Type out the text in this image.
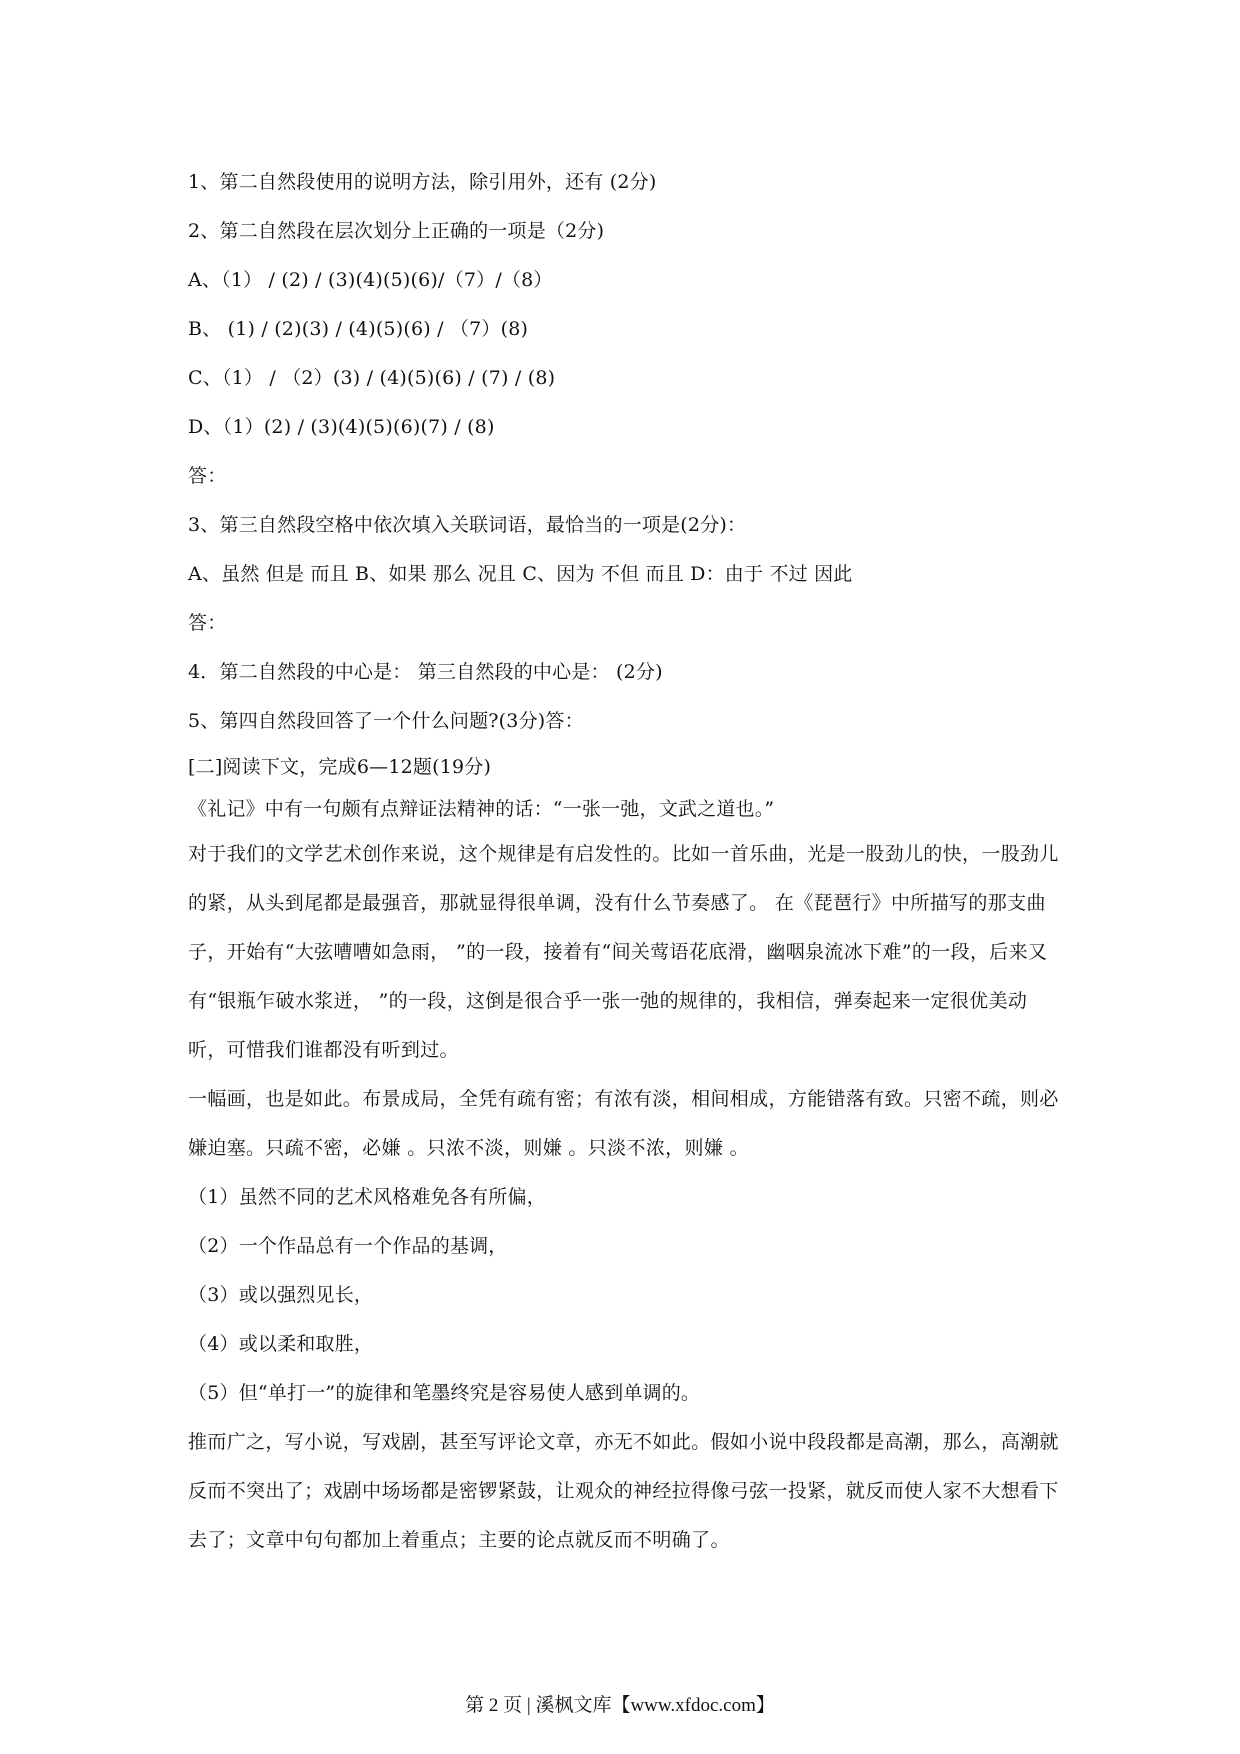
1、第二自然段使用的说明方法，除引用外，还有 (2分)
2、第二自然段在层次划分上正确的一项是（2分)
A、（1） / (2) / (3)(4)(5)(6)/（7）/（8）
B、 (1) / (2)(3) / (4)(5)(6) / （7）(8)
C、（1） / （2）(3) / (4)(5)(6) / (7) / (8)
D、（1）(2) / (3)(4)(5)(6)(7) / (8)
答：
3、第三自然段空格中依次填入关联词语，最恰当的一项是(2分)：
A、虽然 但是 而且 B、如果 那么 况且 C、因为 不但 而且 D：由于 不过 因此
答：
4．第二自然段的中心是： 第三自然段的中心是： (2分)
5、第四自然段回答了一个什么问题?(3分)答：
[二]阅读下文，完成6—12题(19分)
《礼记》中有一句颇有点辩证法精神的话：“一张一弛，文武之道也。”

对于我们的文学艺术创作来说，这个规律是有启发性的。比如一首乐曲，光是一股劲儿的快，一股劲儿的紧，从头到尾都是最强音，那就显得很单调，没有什么节奏感了。 在《琵琶行》中所描写的那支曲子，开始有“大弦嘈嘈如急雨， ”的一段，接着有“间关莺语花底滑，幽咽泉流冰下难”的一段，后来又有“银瓶乍破水浆迸， ”的一段，这倒是很合乎一张一弛的规律的，我相信，弹奏起来一定很优美动听，可惜我们谁都没有听到过。

一幅画，也是如此。布景成局，全凭有疏有密；有浓有淡，相间相成，方能错落有致。只密不疏，则必嫌迫塞。只疏不密，必嫌 。只浓不淡，则嫌 。只淡不浓，则嫌 。

（1）虽然不同的艺术风格难免各有所偏，
（2）一个作品总有一个作品的基调，
（3）或以强烈见长，
（4）或以柔和取胜，
（5）但“单打一”的旋律和笔墨终究是容易使人感到单调的。

推而广之，写小说，写戏剧，甚至写评论文章，亦无不如此。假如小说中段段都是高潮，那么，高潮就反而不突出了；戏剧中场场都是密锣紧鼓，让观众的神经拉得像弓弦一投紧，就反而使人家不大想看下去了；文章中句句都加上着重点；主要的论点就反而不明确了。

第 2 页 | 溪枫文库【www.xfdoc.com】
